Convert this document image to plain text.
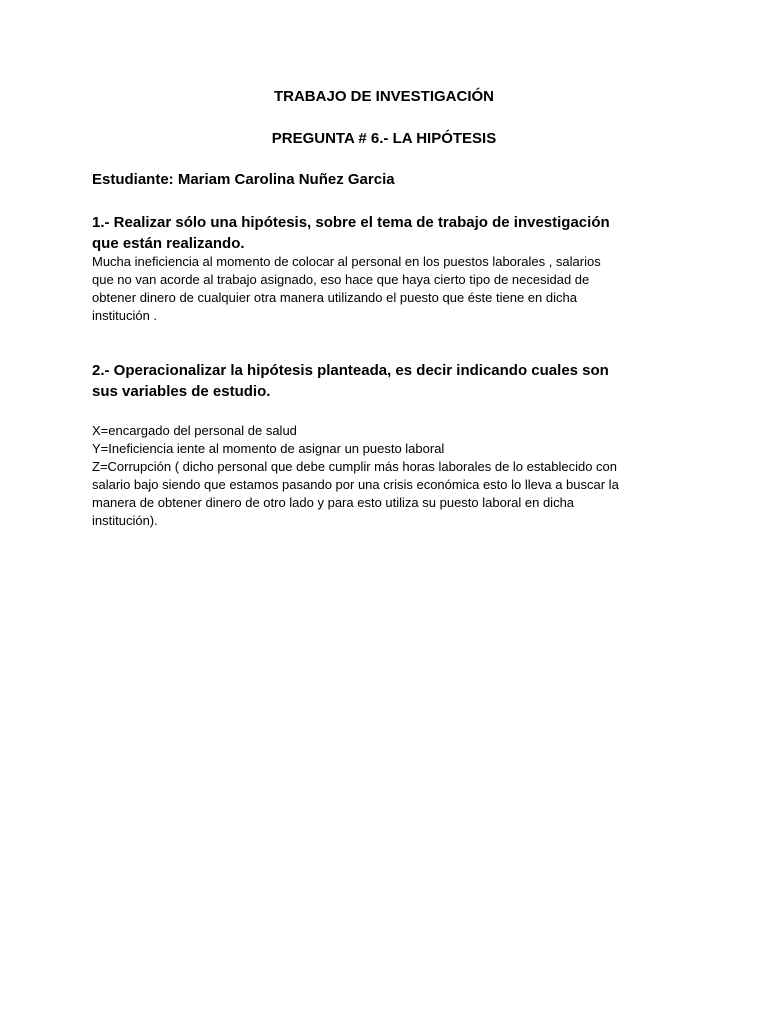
TRABAJO DE INVESTIGACIÓN
PREGUNTA # 6.- LA HIPÓTESIS
Estudiante: Mariam Carolina Nuñez Garcia
1.- Realizar sólo una hipótesis, sobre el tema de trabajo de investigación
que están realizando.
Mucha ineficiencia al momento de colocar al personal en los puestos laborales , salarios
que no van acorde al trabajo asignado, eso hace que haya cierto tipo de necesidad de
obtener dinero de cualquier otra manera utilizando el puesto que éste tiene en dicha
institución .
2.- Operacionalizar la hipótesis planteada, es decir indicando cuales son
sus variables de estudio.
X=encargado del personal de salud
Y=Ineficiencia iente al momento de asignar un puesto laboral
Z=Corrupción ( dicho personal que debe cumplir más horas laborales de lo establecido con
salario bajo siendo que estamos pasando por una crisis económica esto lo lleva a buscar la
manera de obtener dinero de otro lado y para esto utiliza su puesto laboral en dicha
institución).
